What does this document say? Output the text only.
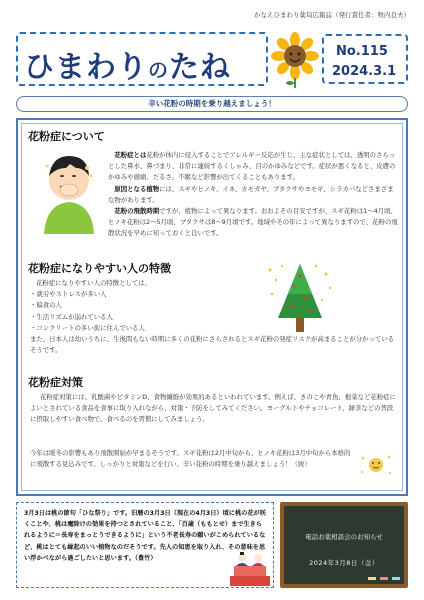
かなえひまわり薬局広報誌（発行責任者：牧内良夫）
ひまわりのたね	No.115
2024.3.1
辛い花粉の時期を乗り越えましょう！
花粉症について
　花粉症とは花粉が体内に侵入することでアレルギー反応が生じ、主な症状としては、透明のさらっとした鼻水、鼻づまり、非常に連続するくしゃみ、目のかゆみなどです。症状が悪くなると、皮膚のかゆみや頭痛、だるさ、不眠など影響が出てくることもあります。
　原因となる植物には、スギやヒノキ、イネ、カモガヤ、ブタクサやヨモギ、シラカバなどさまざまな物があります。
　花粉の飛散時期ですが、植物によって異なります。おおよその目安ですが、スギ花粉は1〜4月頃、ヒノキ花粉は2〜5月頃、ブタクサは8〜9月頃です。地域やその年によって異なりますので、花粉の飛散状況を早めに知っておくと良いです。
花粉症になりやすい人の特徴
花粉症になりやすい人の特徴としては、
・就労やストレスが多い人
・偏食の人
・生活リズムが崩れている人
・コンクリートの多い街に住んでいる人
また、日本人は幼いうちに、生後間もない時期に多くの花粉にさらされるとスギ花粉の発症リスクが高まることが分かっているそうです。
花粉症対策
花粉症対策には、乳酸菌やビタミンD、食物繊維が効果的あるといわれています。例えば、きのこや青魚、根菜など花粉症によいとされている食品を食事に取り入れながら、対策・予防をしてみてください。ヨーグルトやチョコレート、緑茶などの普段に摂取しやすい食べ物で、食べるのを習慣にしてみましょう。
今年は暖冬の影響もあり飛散開始が早まるそうです。スギ花粉は2月中旬から、ヒノキ花粉は3月中旬から本格的に飛散する見込みです。しっかりと対策などを行い、辛い花粉の時期を乗り越えましょう！（綾）
3月3日は桃の節句「ひな祭り」です。旧暦の3月3日（現在の4月3日）頃に桃の花が咲くことや、桃は魔除けの効果を持つとされていること、「百歳（ももとせ）まで生きられるように＝長寿をまっとうできるように」という不老長寿の願いがこめられているなど、桃はとても縁起のいい植物なのだそうです。先人の知恵を取り入れ、その意味を思い浮かべながら過ごしたいと思います。（豊竹）
電話お薬相談会のお知らせ
2024年3月8日（金）
